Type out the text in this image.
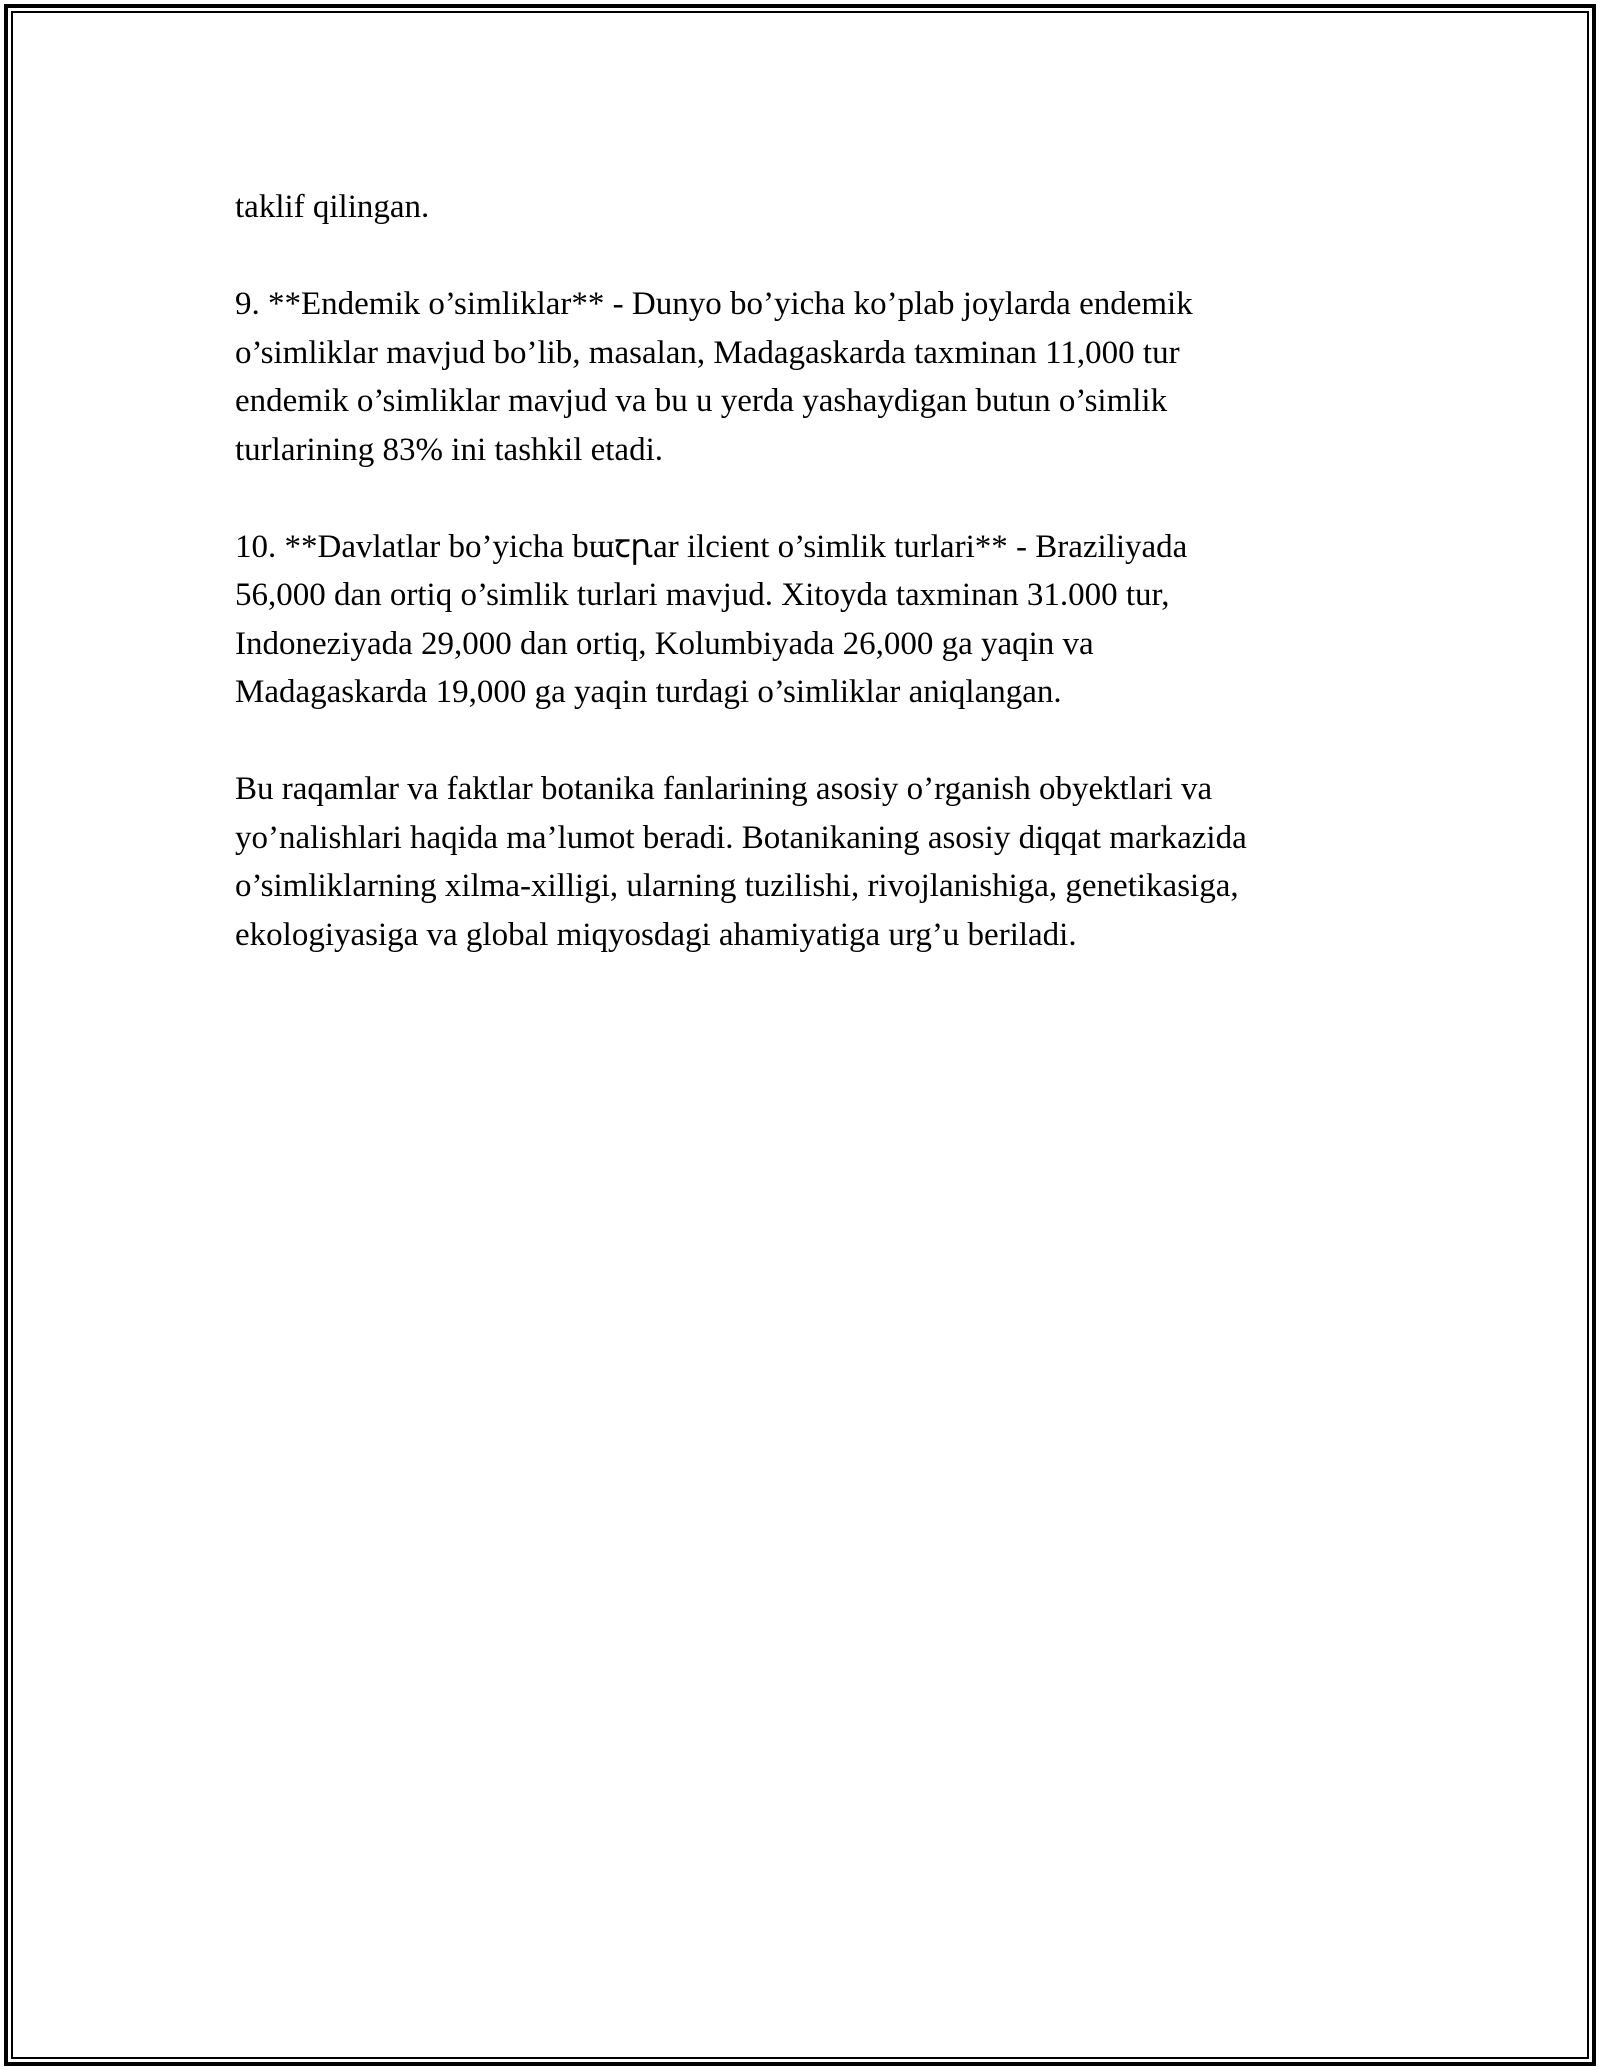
taklif qilingan.

9. **Endemik o’simliklar** - Dunyo bo’yicha ko’plab joylarda endemik
o’simliklar mavjud bo’lib, masalan, Madagaskarda taxminan 11,000 tur
endemik o’simliklar mavjud va bu u yerda yashaydigan butun o’simlik
turlarining 83% ini tashkil etadi.

10. **Davlatlar bo’yicha bɯꞇꞃar ilcient o’simlik turlari** - Braziliyada
56,000 dan ortiq o’simlik turlari mavjud. Xitoyda taxminan 31.000 tur,
Indoneziyada 29,000 dan ortiq, Kolumbiyada 26,000 ga yaqin va
Madagaskarda 19,000 ga yaqin turdagi o’simliklar aniqlangan.

Bu raqamlar va faktlar botanika fanlarining asosiy o’rganish obyektlari va
yo’nalishlari haqida ma’lumot beradi. Botanikaning asosiy diqqat markazida
o’simliklarning xilma-xilligi, ularning tuzilishi, rivojlanishiga, genetikasiga,
ekologiyasiga va global miqyosdagi ahamiyatiga urg’u beriladi.
